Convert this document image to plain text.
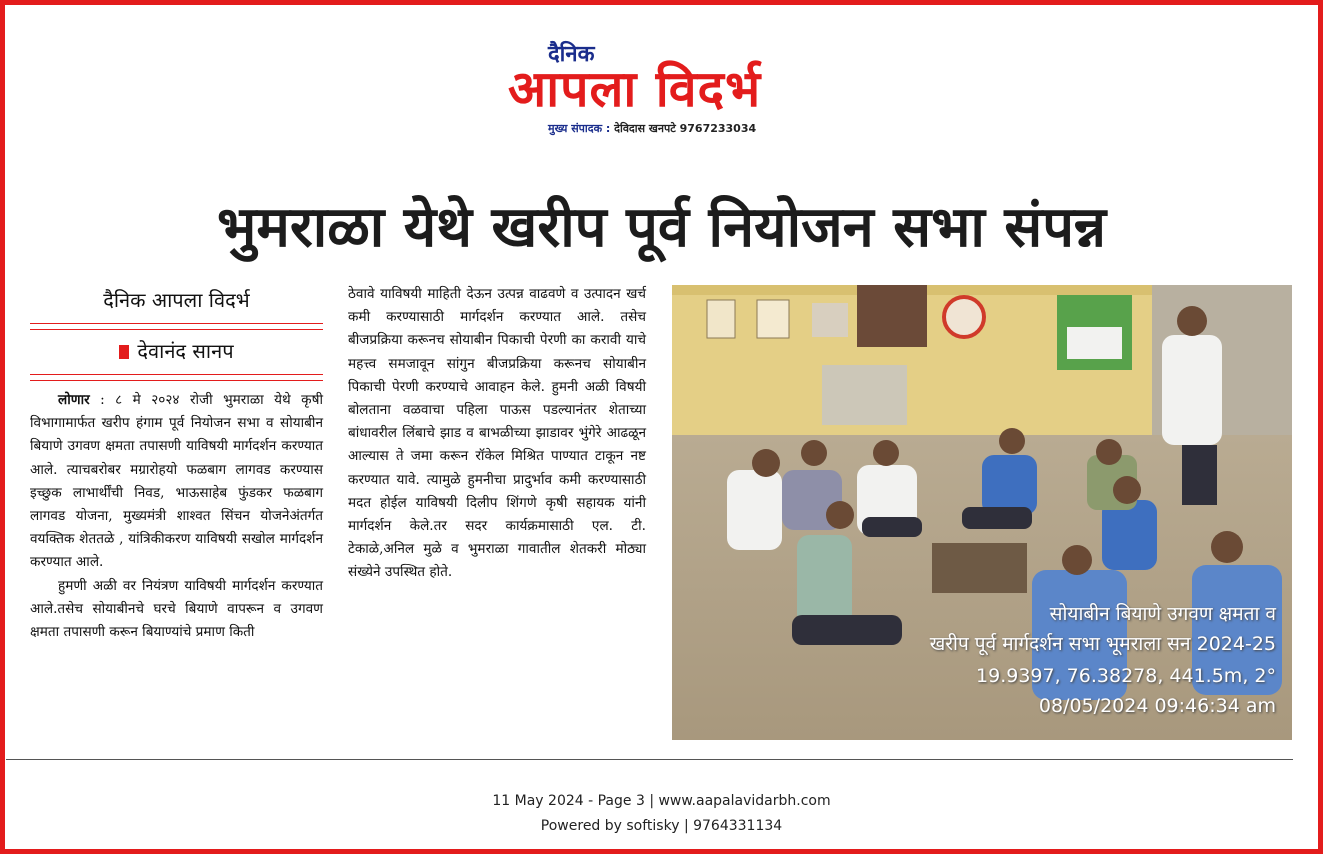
दैनिक
आपला विदर्भ
मुख्य संपादक : देविदास खनपटे 9767233034
भुमराळा येथे खरीप पूर्व नियोजन सभा संपन्न
दैनिक आपला विदर्भ
देवानंद सानप

लोणार : ८ मे २०२४ रोजी भुमराळा येथे कृषी विभागामार्फत खरीप हंगाम पूर्व नियोजन सभा व सोयाबीन बियाणे उगवण क्षमता तपासणी याविषयी मार्गदर्शन करण्यात आले. त्याचबरोबर मग्रारोहयो फळबाग लागवड करण्यास इच्छुक लाभार्थींची निवड, भाऊसाहेब फुंडकर फळबाग लागवड योजना, मुख्यमंत्री शाश्वत सिंचन योजनेअंतर्गत वयक्तिक शेततळे , यांत्रिकीकरण याविषयी सखोल मार्गदर्शन करण्यात आले.

हुमणी अळी वर नियंत्रण याविषयी मार्गदर्शन करण्यात आले.तसेच सोयाबीनचे घरचे बियाणे वापरून व उगवण क्षमता तपासणी करून बियाण्यांचे प्रमाण किती

ठेवावे याविषयी माहिती देऊन उत्पन्न वाढवणे व उत्पादन खर्च कमी करण्यासाठी मार्गदर्शन करण्यात आले. तसेच बीजप्रक्रिया करूनच सोयाबीन पिकाची पेरणी का करावी याचे महत्त्व समजावून सांगुन बीजप्रक्रिया करूनच सोयाबीन पिकाची पेरणी करण्याचे आवाहन केले. हुमनी अळी विषयी बोलताना वळवाचा पहिला पाऊस पडल्यानंतर शेताच्या बांधावरील लिंबाचे झाड व बाभळीच्या झाडावर भुंगेरे आढळून आल्यास ते जमा करून रॉकेल मिश्रित पाण्यात टाकून नष्ट करण्यात यावे. त्यामुळे हुमनीचा प्रादुर्भाव कमी करण्यासाठी मदत होईल याविषयी दिलीप शिंगणे कृषी सहायक यांनी मार्गदर्शन केले.तर सदर कार्यक्रमासाठी एल. टी. टेकाळे,अनिल मुळे व भुमराळा गावातील शेतकरी मोठ्या संख्येने उपस्थित होते.

सोयाबीन बियाणे उगवण क्षमता व
खरीप पूर्व मार्गदर्शन सभा भूमराला सन 2024-25
19.9397, 76.38278, 441.5m, 2°
08/05/2024 09:46:34 am
11 May 2024 - Page 3 | www.aapalavidarbh.com
Powered by softisky | 9764331134
